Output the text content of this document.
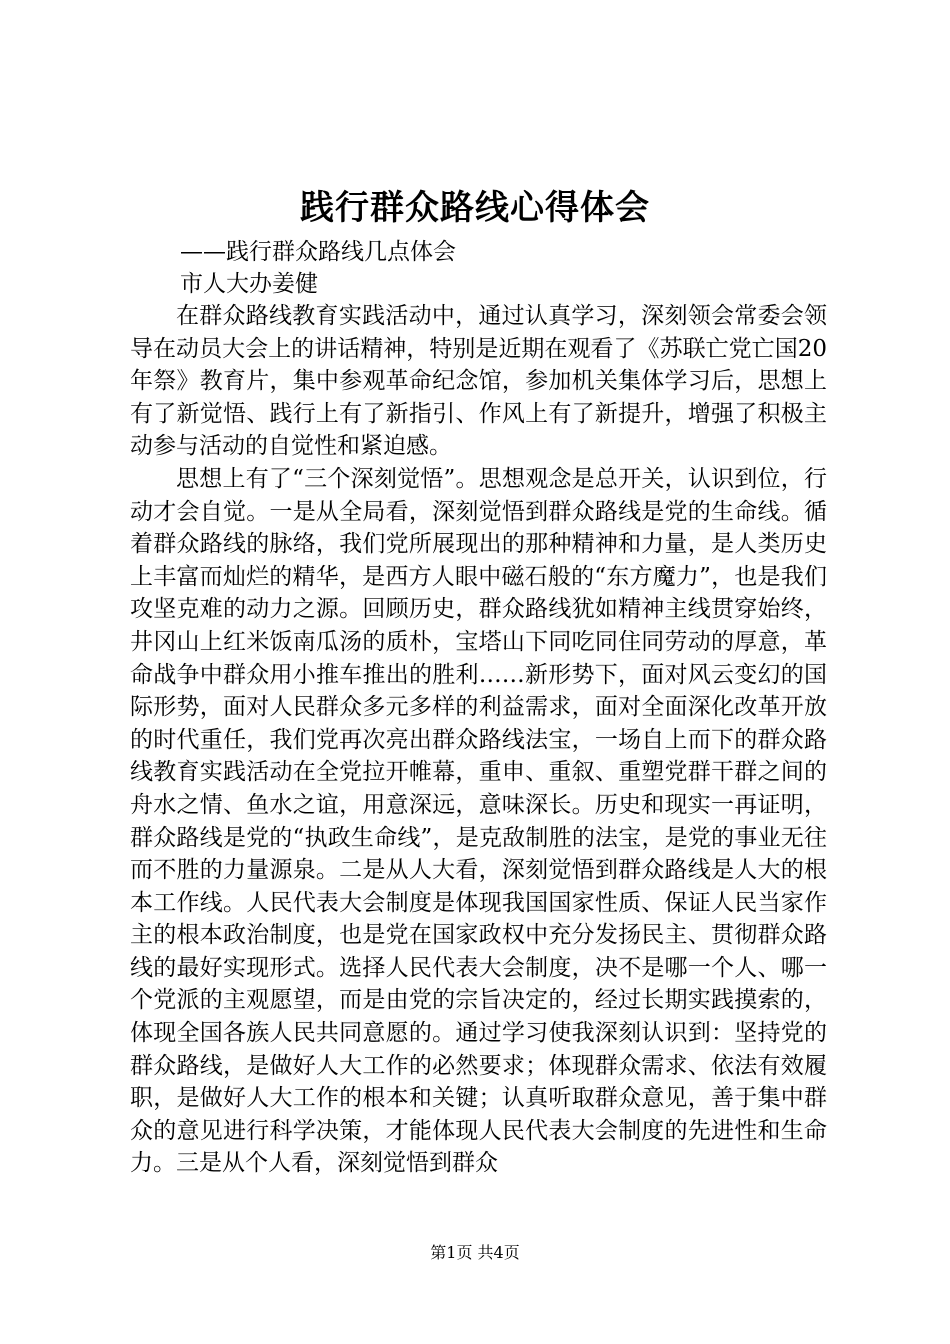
践行群众路线心得体会
——践行群众路线几点体会
市人大办姜健

在群众路线教育实践活动中，通过认真学习，深刻领会常委会领导在动员大会上的讲话精神，特别是近期在观看了《苏联亡党亡国20年祭》教育片，集中参观革命纪念馆，参加机关集体学习后，思想上有了新觉悟、践行上有了新指引、作风上有了新提升，增强了积极主动参与活动的自觉性和紧迫感。

思想上有了“三个深刻觉悟”。思想观念是总开关，认识到位，行动才会自觉。一是从全局看，深刻觉悟到群众路线是党的生命线。循着群众路线的脉络，我们党所展现出的那种精神和力量，是人类历史上丰富而灿烂的精华，是西方人眼中磁石般的“东方魔力”，也是我们攻坚克难的动力之源。回顾历史，群众路线犹如精神主线贯穿始终，井冈山上红米饭南瓜汤的质朴，宝塔山下同吃同住同劳动的厚意，革命战争中群众用小推车推出的胜利……新形势下，面对风云变幻的国际形势，面对人民群众多元多样的利益需求，面对全面深化改革开放的时代重任，我们党再次亮出群众路线法宝，一场自上而下的群众路线教育实践活动在全党拉开帷幕，重申、重叙、重塑党群干群之间的舟水之情、鱼水之谊，用意深远，意味深长。历史和现实一再证明，群众路线是党的“执政生命线”，是克敌制胜的法宝，是党的事业无往而不胜的力量源泉。二是从人大看，深刻觉悟到群众路线是人大的根本工作线。人民代表大会制度是体现我国国家性质、保证人民当家作主的根本政治制度，也是党在国家政权中充分发扬民主、贯彻群众路线的最好实现形式。选择人民代表大会制度，决不是哪一个人、哪一个党派的主观愿望，而是由党的宗旨决定的，经过长期实践摸索的，体现全国各族人民共同意愿的。通过学习使我深刻认识到：坚持党的群众路线，是做好人大工作的必然要求；体现群众需求、依法有效履职，是做好人大工作的根本和关键；认真听取群众意见，善于集中群众的意见进行科学决策，才能体现人民代表大会制度的先进性和生命力。三是从个人看，深刻觉悟到群众

第1页 共4页
